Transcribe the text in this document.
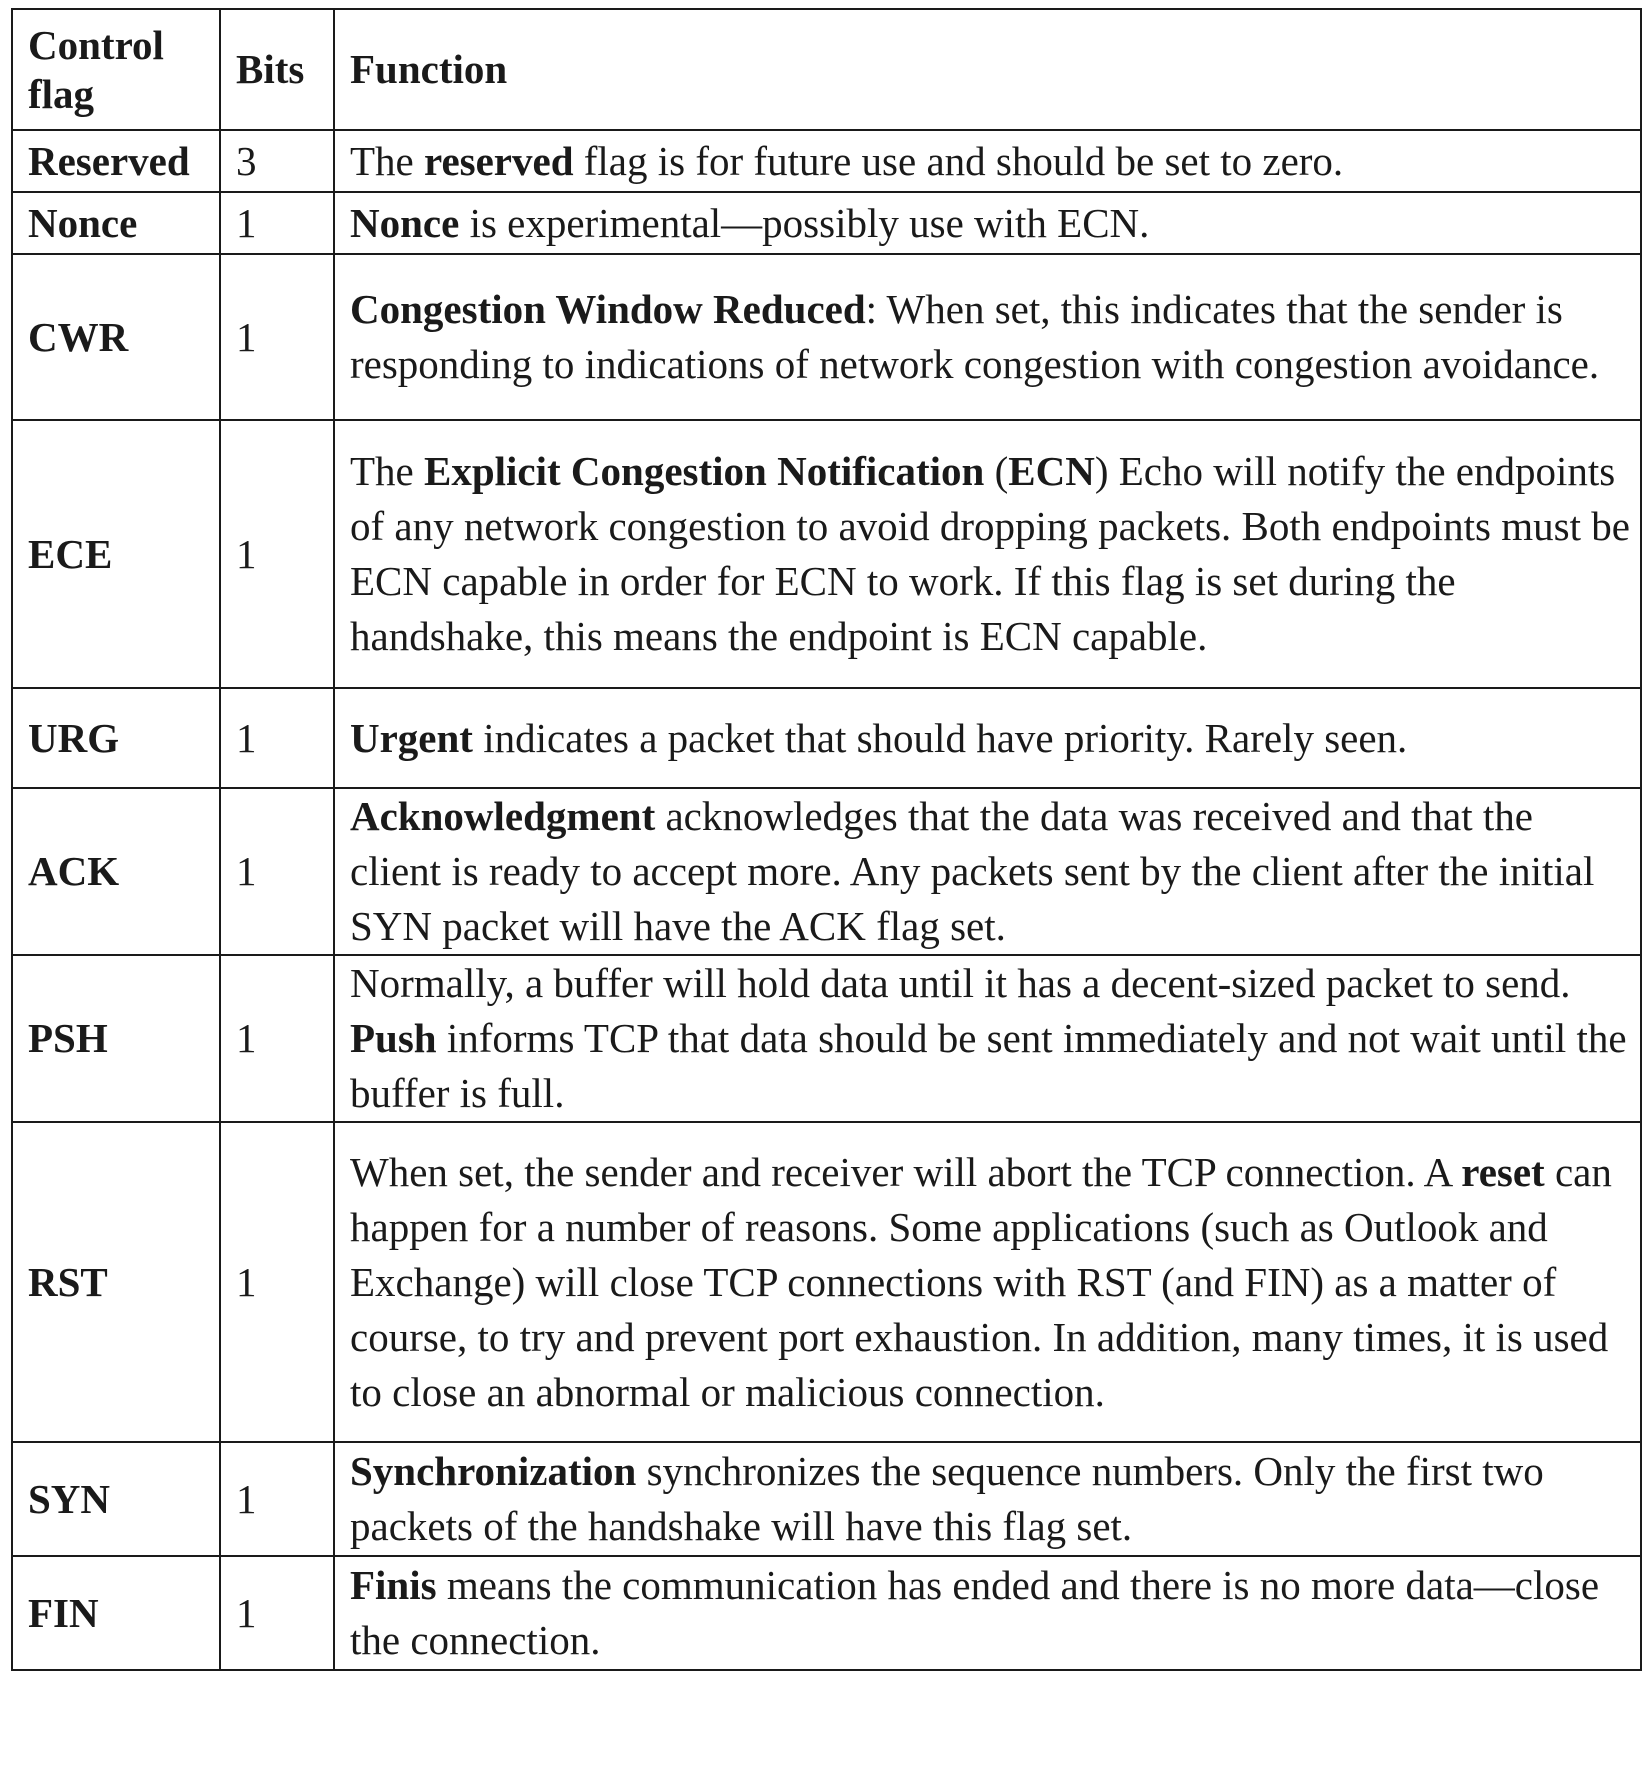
Control flag	Bits	Function
Reserved	3	The reserved flag is for future use and should be set to zero.
Nonce	1	Nonce is experimental—possibly use with ECN.
CWR	1	Congestion Window Reduced: When set, this indicates that the sender is responding to indications of network congestion with congestion avoidance.
ECE	1	The Explicit Congestion Notification (ECN) Echo will notify the endpoints of any network congestion to avoid dropping packets. Both endpoints must be ECN capable in order for ECN to work. If this flag is set during the handshake, this means the endpoint is ECN capable.
URG	1	Urgent indicates a packet that should have priority. Rarely seen.
ACK	1	Acknowledgment acknowledges that the data was received and that the client is ready to accept more. Any packets sent by the client after the initial SYN packet will have the ACK flag set.
PSH	1	Normally, a buffer will hold data until it has a decent-sized packet to send. Push informs TCP that data should be sent immediately and not wait until the buffer is full.
RST	1	When set, the sender and receiver will abort the TCP connection. A reset can happen for a number of reasons. Some applications (such as Outlook and Exchange) will close TCP connections with RST (and FIN) as a matter of course, to try and prevent port exhaustion. In addition, many times, it is used to close an abnormal or malicious connection.
SYN	1	Synchronization synchronizes the sequence numbers. Only the first two packets of the handshake will have this flag set.
FIN	1	Finis means the communication has ended and there is no more data—close the connection.
